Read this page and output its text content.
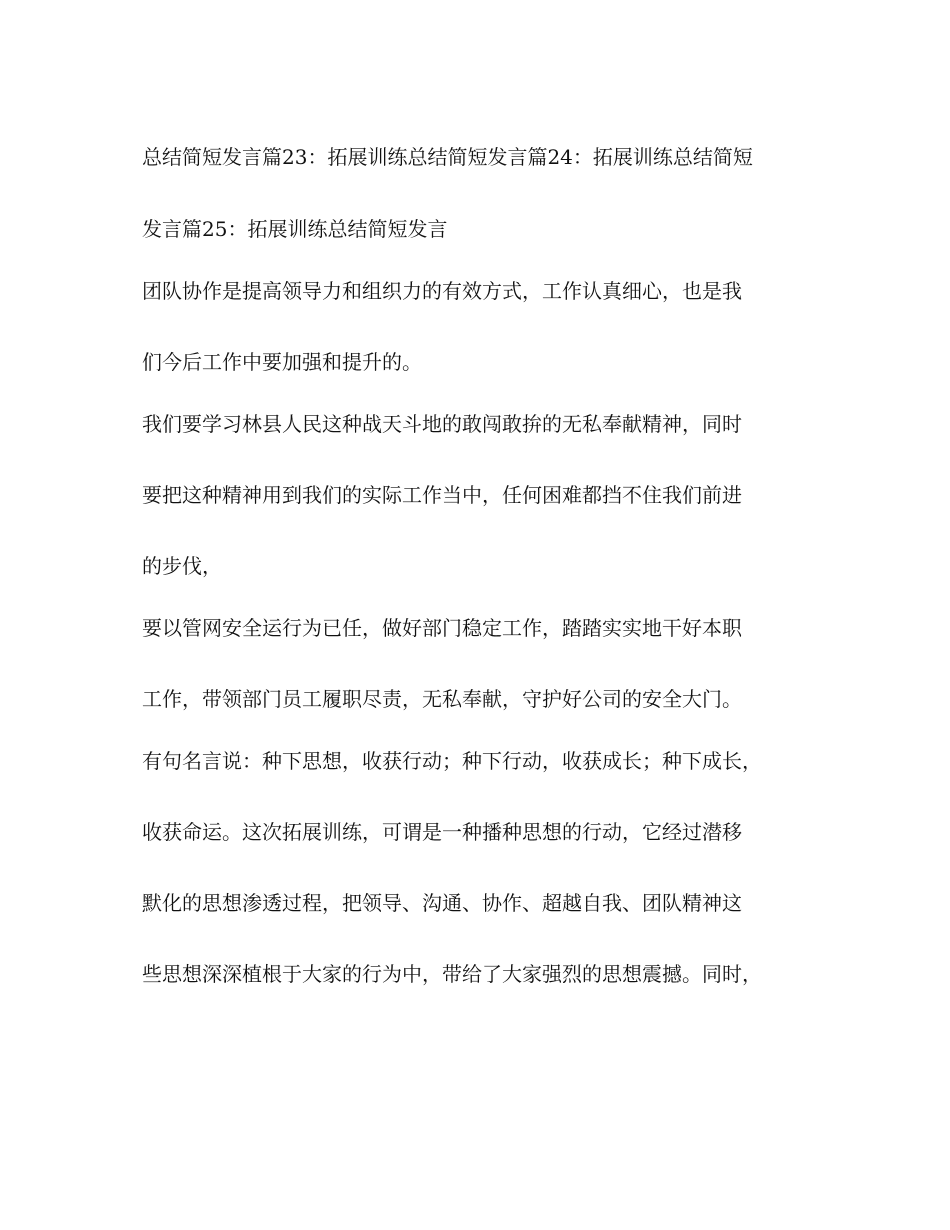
总结简短发言篇23：拓展训练总结简短发言篇24：拓展训练总结简短

发言篇25：拓展训练总结简短发言

团队协作是提高领导力和组织力的有效方式，工作认真细心，也是我

们今后工作中要加强和提升的。

我们要学习林县人民这种战天斗地的敢闯敢拚的无私奉献精神，同时

要把这种精神用到我们的实际工作当中，任何困难都挡不住我们前进

的步伐，

要以管网安全运行为已任，做好部门稳定工作，踏踏实实地干好本职

工作，带领部门员工履职尽责，无私奉献，守护好公司的安全大门。

有句名言说：种下思想，收获行动；种下行动，收获成长；种下成长，

收获命运。这次拓展训练，可谓是一种播种思想的行动，它经过潜移

默化的思想渗透过程，把领导、沟通、协作、超越自我、团队精神这

些思想深深植根于大家的行为中，带给了大家强烈的思想震撼。同时，
